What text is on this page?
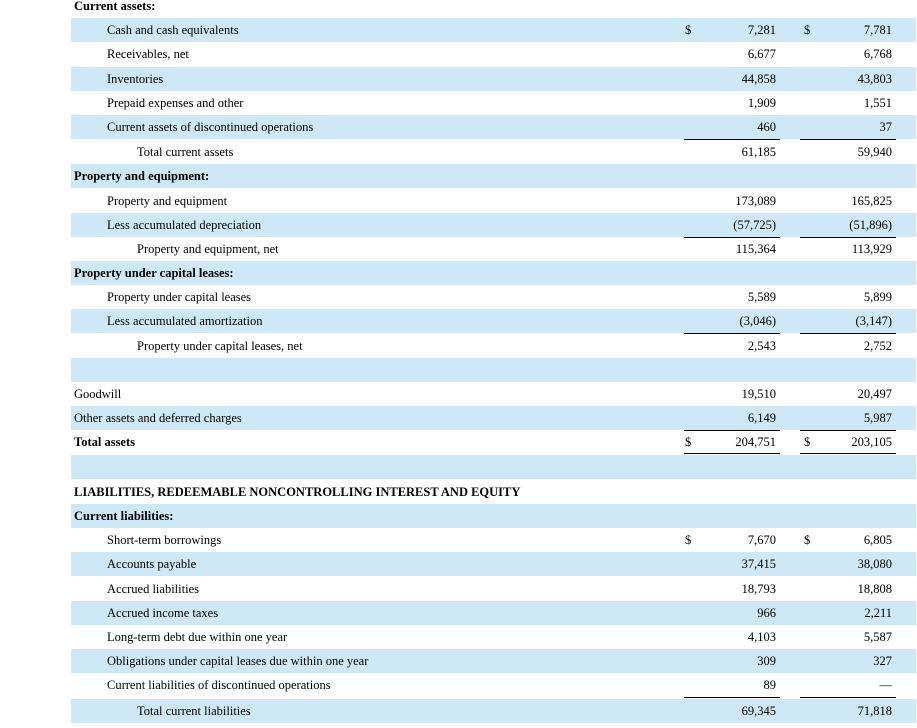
Current assets:
Cash and cash equivalents	$	7,281 $	7,781
Receivables, net	6,677	6,768
Inventories	44,858	43,803
Prepaid expenses and other	1,909	1,551
Current assets of discontinued operations	460	37
Total current assets	61,185	59,940
Property and equipment:
Property and equipment	173,089	165,825
Less accumulated depreciation	(57,725)	(51,896)
Property and equipment, net	115,364	113,929
Property under capital leases:
Property under capital leases	5,589	5,899
Less accumulated amortization	(3,046)	(3,147)
Property under capital leases, net	2,543	2,752
Goodwill	19,510	20,497
Other assets and deferred charges	6,149	5,987
Total assets	$	204,751 $	203,105
LIABILITIES, REDEEMABLE NONCONTROLLING INTEREST AND EQUITY
Current liabilities:
Short-term borrowings	$	7,670 $	6,805
Accounts payable	37,415	38,080
Accrued liabilities	18,793	18,808
Accrued income taxes	966	2,211
Long-term debt due within one year	4,103	5,587
Obligations under capital leases due within one year	309	327
Current liabilities of discontinued operations	89	—
Total current liabilities	69,345	71,818
